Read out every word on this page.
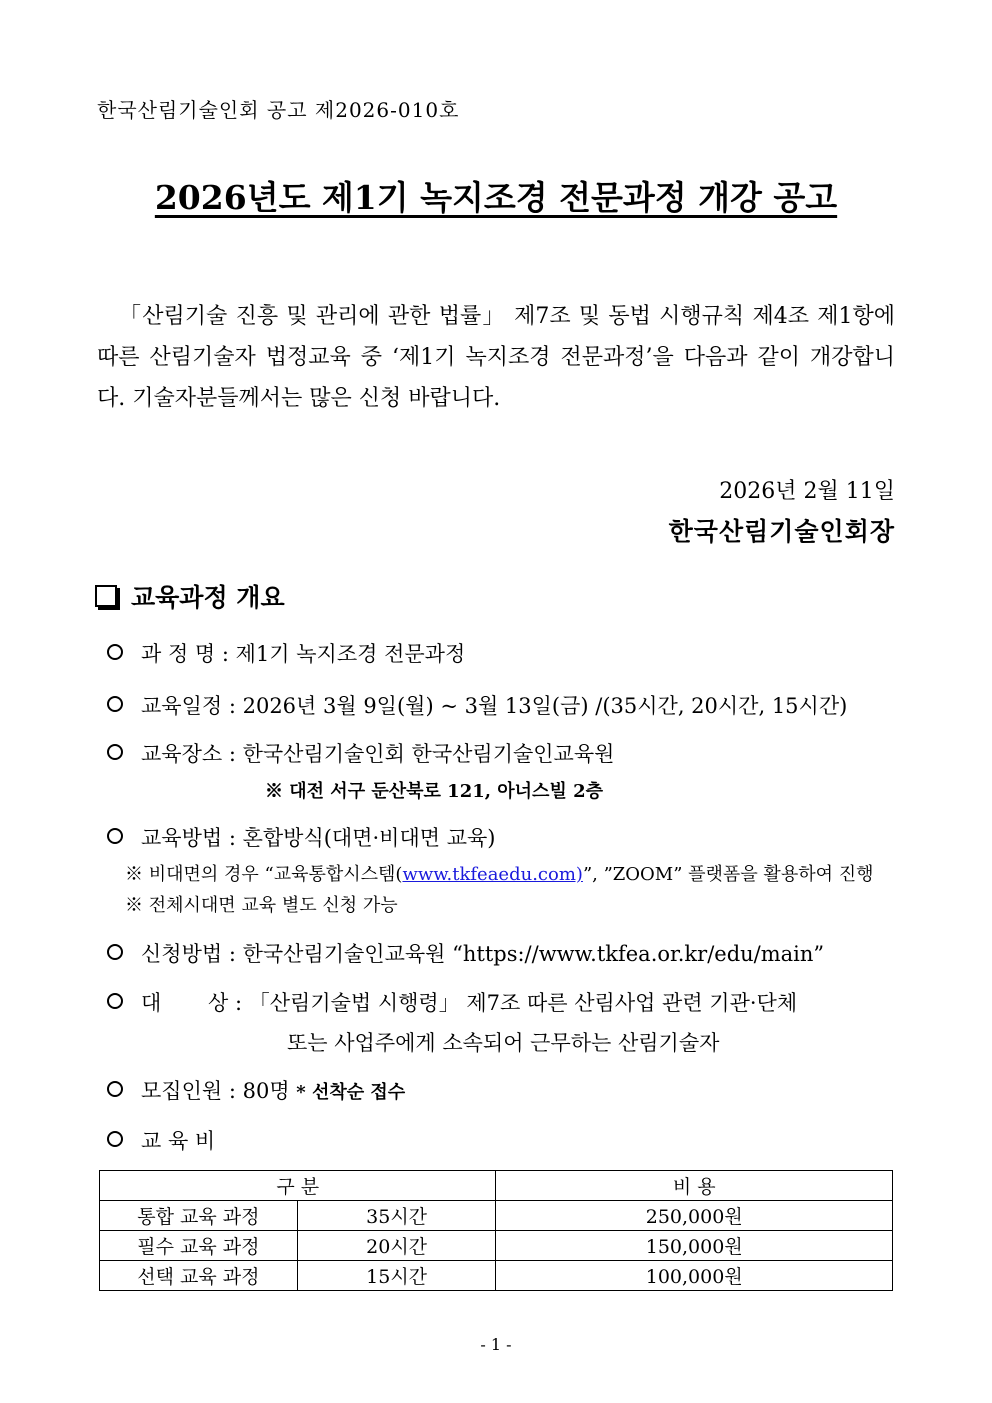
한국산림기술인회 공고 제2026-010호
2026년도 제1기 녹지조경 전문과정 개강 공고
「산림기술 진흥 및 관리에 관한 법률」 제7조 및 동법 시행규칙 제4조 제1항에 따른 산림기술자 법정교육 중 ‘제1기 녹지조경 전문과정’을 다음과 같이 개강합니다. 기술자분들께서는 많은 신청 바랍니다.
2026년 2월 11일
한국산림기술인회장
교육과정 개요
과 정 명 : 제1기 녹지조경 전문과정
교육일정 : 2026년 3월 9일(월) ~ 3월 13일(금) /(35시간, 20시간, 15시간)
교육장소 : 한국산림기술인회 한국산림기술인교육원
※ 대전 서구 둔산북로 121, 아너스빌 2층
교육방법 : 혼합방식(대면·비대면 교육)
※ 비대면의 경우 “교육통합시스템(www.tkfeaedu.com)”, ”ZOOM” 플랫폼을 활용하여 진행
※ 전체시대면 교육 별도 신청 가능
신청방법 : 한국산림기술인교육원 “https://www.tkfea.or.kr/edu/main”
대       상 : 「산림기술법 시행령」 제7조 따른 산림사업 관련 기관·단체
또는 사업주에게 소속되어 근무하는 산림기술자
모집인원 : 80명 * 선착순 접수
교 육 비
구 분		비 용
통합 교육 과정	35시간	250,000원
필수 교육 과정	20시간	150,000원
선택 교육 과정	15시간	100,000원
- 1 -
